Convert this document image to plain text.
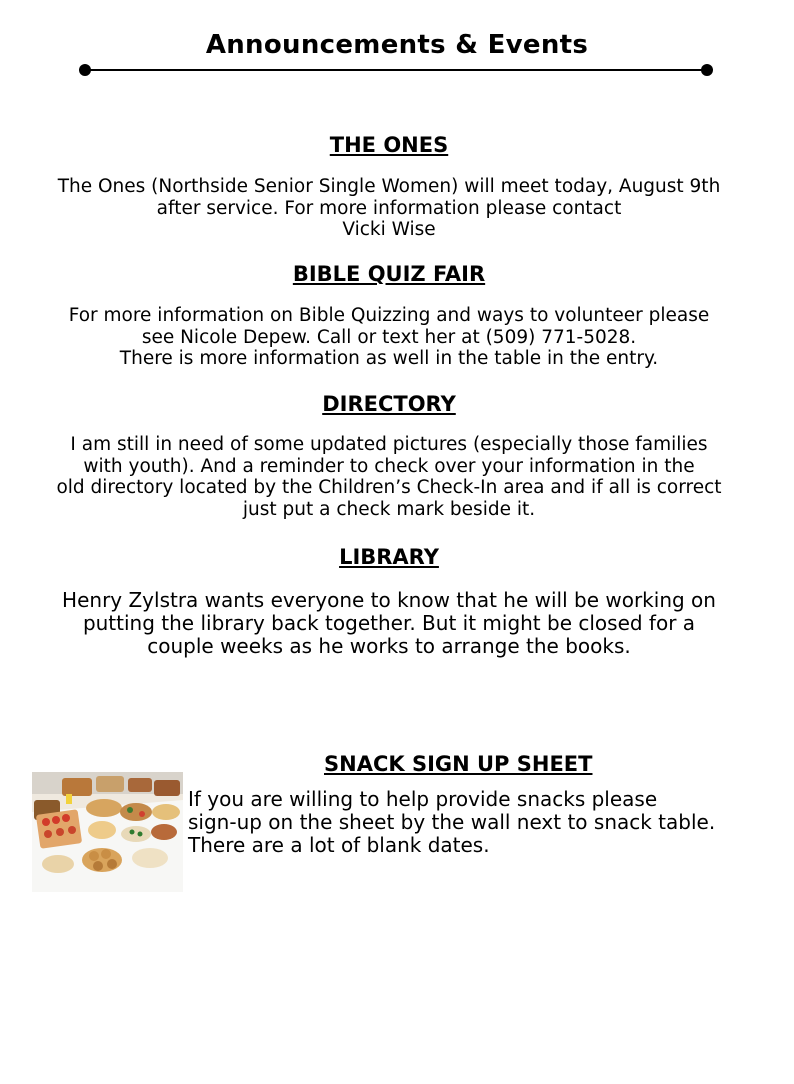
Announcements & Events
THE ONES
The Ones (Northside Senior Single Women) will meet today, August 9th
after service. For more information please contact
Vicki Wise
BIBLE QUIZ FAIR
For more information on Bible Quizzing and ways to volunteer please
see Nicole Depew. Call or text her at (509) 771-5028.
There is more information as well in the table in the entry.
DIRECTORY
I am still in need of some updated pictures (especially those families
with youth). And a reminder to check over your information in the
old directory located by the Children’s Check-In area and if all is correct
just put a check mark beside it.
LIBRARY
Henry Zylstra wants everyone to know that he will be working on
putting the library back together. But it might be closed for a
couple weeks as he works to arrange the books.
SNACK SIGN UP SHEET
If you are willing to help provide snacks please
sign-up on the sheet by the wall next to snack table.
There are a lot of blank dates.
